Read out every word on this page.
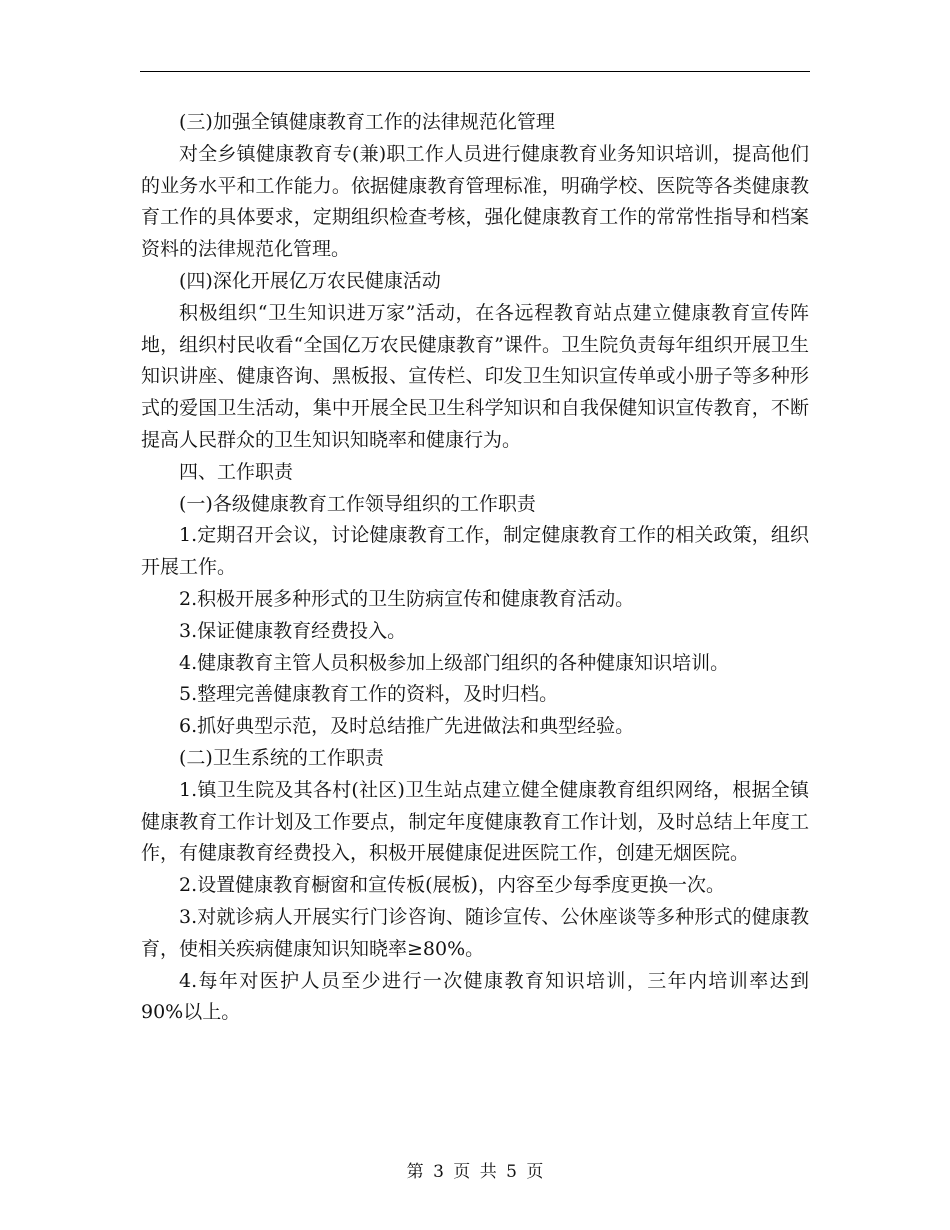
(三)加强全镇健康教育工作的法律规范化管理

对全乡镇健康教育专(兼)职工作人员进行健康教育业务知识培训，提高他们的业务水平和工作能力。依据健康教育管理标准，明确学校、医院等各类健康教育工作的具体要求，定期组织检查考核，强化健康教育工作的常常性指导和档案资料的法律规范化管理。

(四)深化开展亿万农民健康活动

积极组织“卫生知识进万家”活动，在各远程教育站点建立健康教育宣传阵地，组织村民收看“全国亿万农民健康教育”课件。卫生院负责每年组织开展卫生知识讲座、健康咨询、黑板报、宣传栏、印发卫生知识宣传单或小册子等多种形式的爱国卫生活动，集中开展全民卫生科学知识和自我保健知识宣传教育，不断提高人民群众的卫生知识知晓率和健康行为。

四、工作职责

(一)各级健康教育工作领导组织的工作职责

1.定期召开会议，讨论健康教育工作，制定健康教育工作的相关政策，组织开展工作。

2.积极开展多种形式的卫生防病宣传和健康教育活动。

3.保证健康教育经费投入。

4.健康教育主管人员积极参加上级部门组织的各种健康知识培训。

5.整理完善健康教育工作的资料，及时归档。

6.抓好典型示范，及时总结推广先进做法和典型经验。

(二)卫生系统的工作职责

1.镇卫生院及其各村(社区)卫生站点建立健全健康教育组织网络，根据全镇健康教育工作计划及工作要点，制定年度健康教育工作计划，及时总结上年度工作，有健康教育经费投入，积极开展健康促进医院工作，创建无烟医院。

2.设置健康教育橱窗和宣传板(展板)，内容至少每季度更换一次。

3.对就诊病人开展实行门诊咨询、随诊宣传、公休座谈等多种形式的健康教育，使相关疾病健康知识知晓率≥80%。

4.每年对医护人员至少进行一次健康教育知识培训，三年内培训率达到90%以上。

第 3 页 共 5 页
